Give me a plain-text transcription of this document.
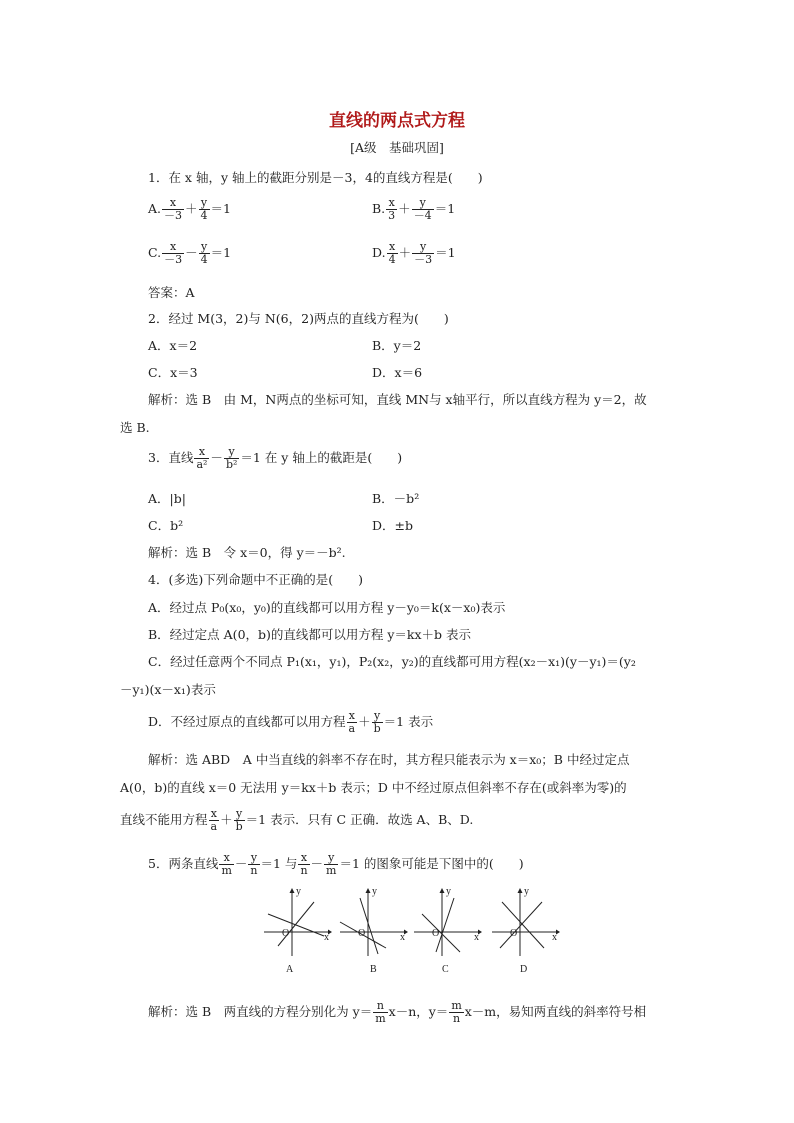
直线的两点式方程
[A级　基础巩固]
1．在 x 轴，y 轴上的截距分别是－3，4的直线方程是(　　)
A. $\frac{x}{-3} + \frac{y}{4} =1$	B. $\frac{x}{3} + \frac{y}{-4} =1$
C. $\frac{x}{-3} - \frac{y}{4} =1$	D. $\frac{x}{4} + \frac{y}{-3} =1$
答案：A
2．经过 M(3，2)与 N(6，2)两点的直线方程为(　　)
A．x＝2	B．y＝2
C．x＝3	D．x＝6
解析：选 B　由 M，N两点的坐标可知，直线 MN与 x轴平行，所以直线方程为 y＝2，故
选 B.
3．直线 $\frac{x}{\text{a²}} - \frac{y}{\text{b²}} =1$ 在 y 轴上的截距是(　　)
A．|b|	B．－b²
C．b²	D．±b
解析：选 B　令 x＝0，得 y＝－b².
4．(多选)下列命题中不正确的是(　　)
A．经过点 P₀(x₀，y₀)的直线都可以用方程 y－y₀＝k(x－x₀)表示
B．经过定点 A(0，b)的直线都可以用方程 y＝kx＋b 表示
C．经过任意两个不同点 P₁(x₁，y₁)，P₂(x₂，y₂)的直线都可用方程(x₂－x₁)(y－y₁)＝(y₂
－y₁)(x－x₁)表示
D．不经过原点的直线都可以用方程 $\frac{x}{a} + \frac{y}{b} =1$ 表示
解析：选 ABD　A 中当直线的斜率不存在时，其方程只能表示为 x＝x₀；B 中经过定点
A(0，b)的直线 x＝0 无法用 y＝kx＋b 表示；D 中不经过原点但斜率不存在(或斜率为零)的
直线不能用方程 $\frac{x}{a} + \frac{y}{b} =1$ 表示．只有 C 正确．故选 A、B、D.
5．两条直线 $\frac{x}{m} - \frac{y}{n} =1$ 与 $\frac{x}{n} - \frac{y}{m} =1$ 的图象可能是下图中的(　　)
y
x
O
A
y
x
O
B
y
x
O
C
y
x
O
D
解析：选 B　两直线的方程分别化为 $y= \frac{n}{m} x-n$，$y= \frac{m}{n} x-m$，易知两直线的斜率符号相
